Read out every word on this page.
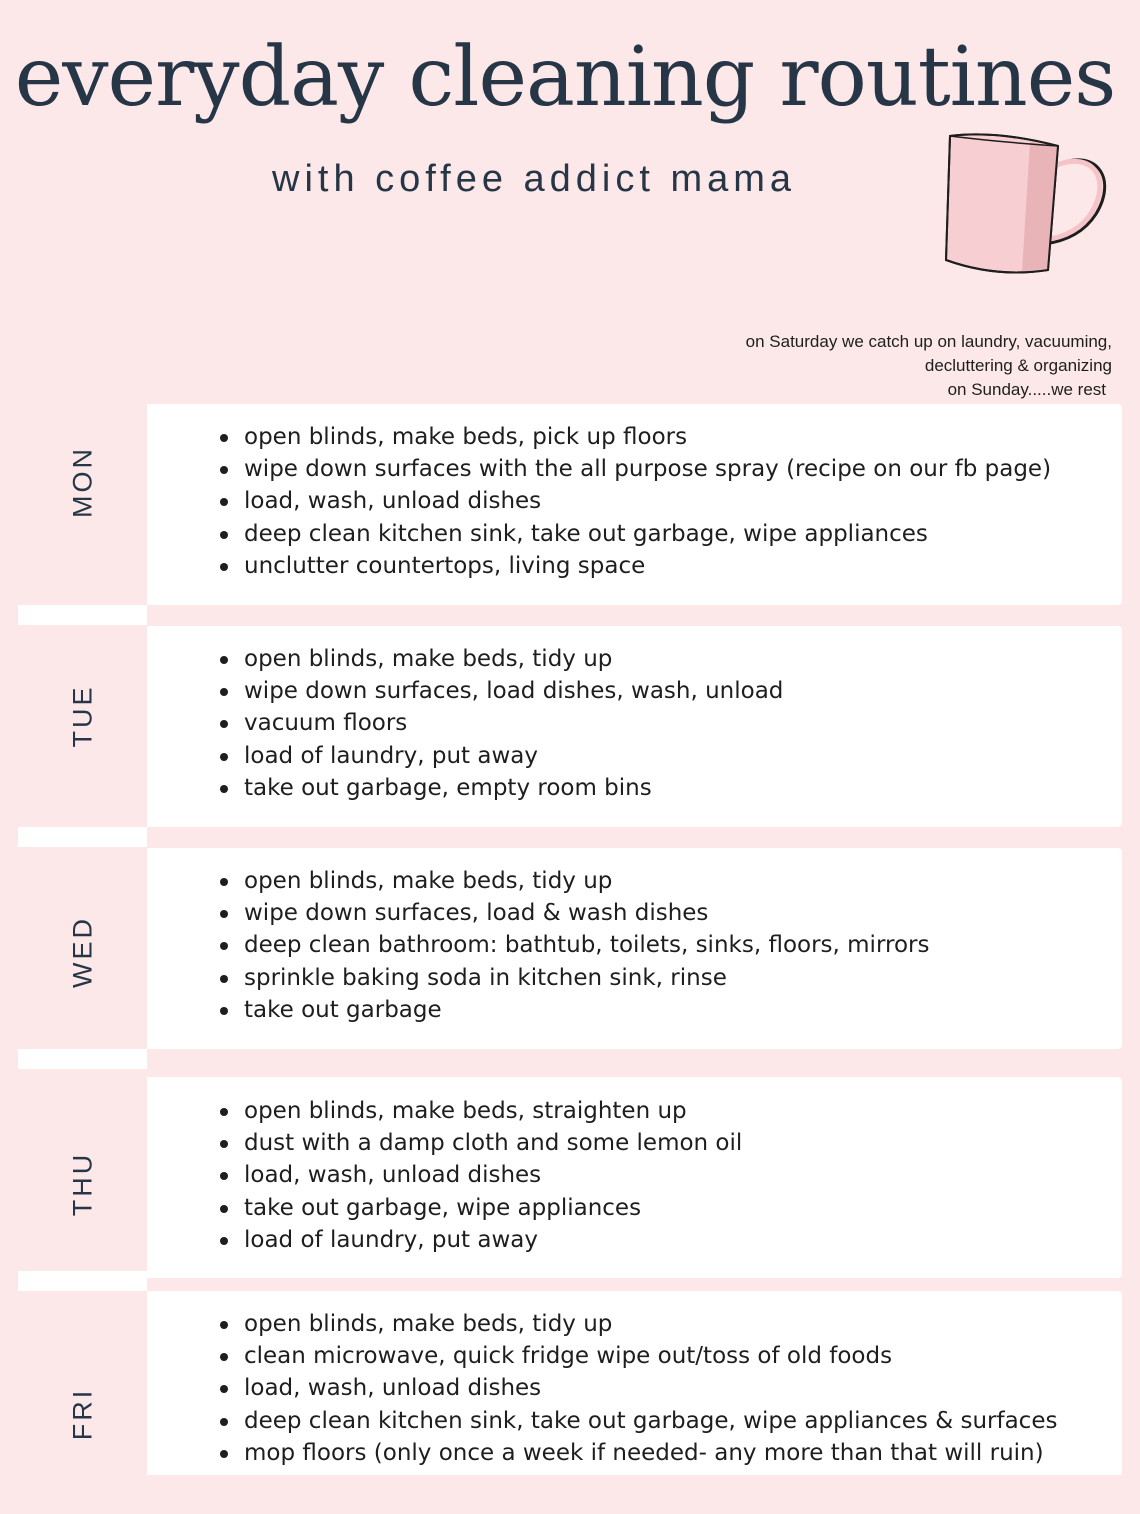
everyday cleaning routines
with coffee addict mama
on Saturday we catch up on laundry, vacuuming,
decluttering & organizing
on Sunday.....we rest
MON
open blinds, make beds, pick up floors
wipe down surfaces with the all purpose spray (recipe on our fb page)
load, wash, unload dishes
deep clean kitchen sink, take out garbage, wipe appliances
unclutter countertops, living space
TUE
open blinds, make beds, tidy up
wipe down surfaces, load dishes, wash, unload
vacuum floors
load of laundry, put away
take out garbage, empty room bins
WED
open blinds, make beds, tidy up
wipe down surfaces, load & wash dishes
deep clean bathroom: bathtub, toilets, sinks, floors, mirrors
sprinkle baking soda in kitchen sink, rinse
take out garbage
THU
open blinds, make beds, straighten up
dust with a damp cloth and some lemon oil
load, wash, unload dishes
take out garbage, wipe appliances
load of laundry, put away
FRI
open blinds, make beds, tidy up
clean microwave, quick fridge wipe out/toss of old foods
load, wash, unload dishes
deep clean kitchen sink, take out garbage, wipe appliances & surfaces
mop floors (only once a week if needed- any more than that will ruin)
